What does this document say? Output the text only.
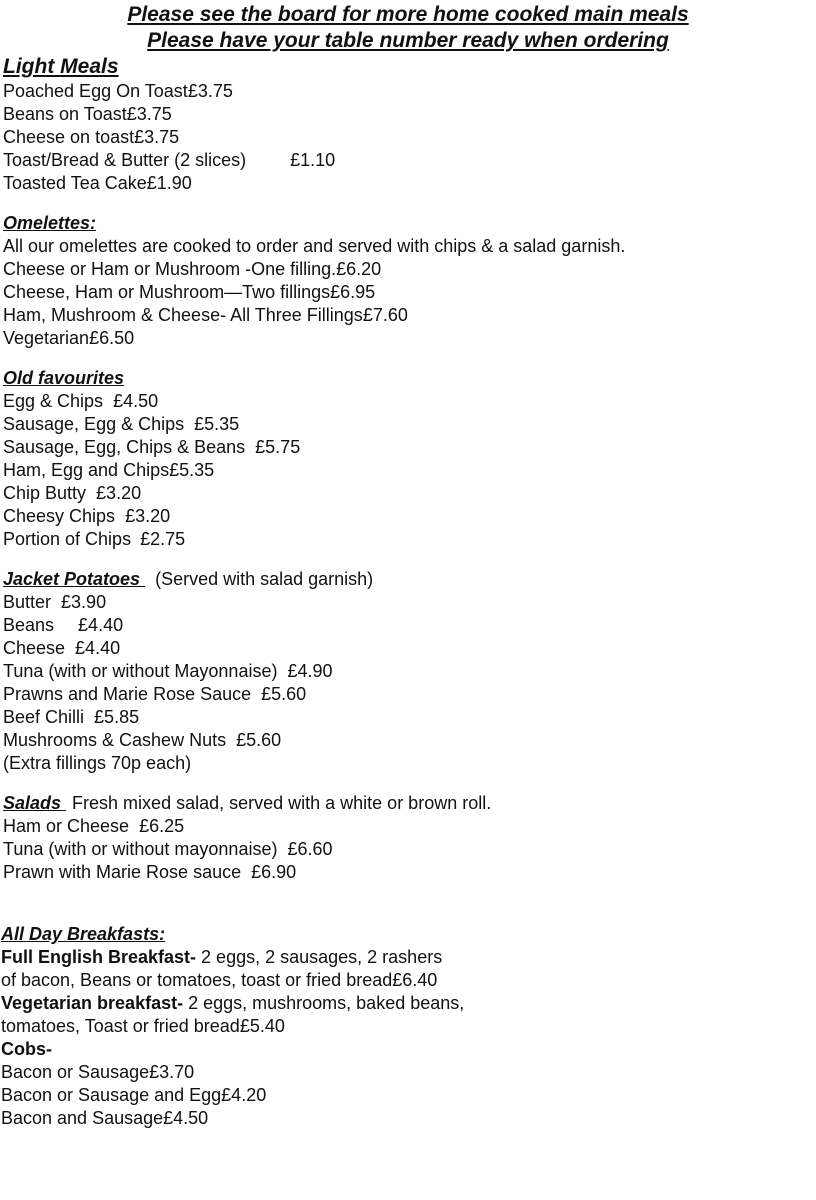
Please see the board for more home cooked main meals
Please have your table number ready when ordering
Light Meals
Poached Egg On Toast£3.75
Beans on Toast£3.75
Cheese on toast£3.75
Toast/Bread & Butter (2 slices) £1.10
Toasted Tea Cake£1.90
Omelettes:
All our omelettes are cooked to order and served with chips & a salad garnish.
Cheese or Ham or Mushroom -One filling.£6.20
Cheese, Ham or Mushroom—Two fillings£6.95
Ham, Mushroom & Cheese- All Three Fillings£7.60
Vegetarian£6.50
Old favourites
Egg & Chips £4.50
Sausage, Egg & Chips £5.35
Sausage, Egg, Chips & Beans £5.75
Ham, Egg and Chips£5.35
Chip Butty £3.20
Cheesy Chips £3.20
Portion of Chips £2.75
Jacket Potatoes (Served with salad garnish)
Butter £3.90
Beans £4.40
Cheese £4.40
Tuna (with or without Mayonnaise) £4.90
Prawns and Marie Rose Sauce £5.60
Beef Chilli £5.85
Mushrooms & Cashew Nuts £5.60
(Extra fillings 70p each)
Salads Fresh mixed salad, served with a white or brown roll.
Ham or Cheese £6.25
Tuna (with or without mayonnaise) £6.60
Prawn with Marie Rose sauce £6.90
All Day Breakfasts:
Full English Breakfast- 2 eggs, 2 sausages, 2 rashers
of bacon, Beans or tomatoes, toast or fried bread£6.40
Vegetarian breakfast- 2 eggs, mushrooms, baked beans,
tomatoes, Toast or fried bread£5.40
Cobs-
Bacon or Sausage£3.70
Bacon or Sausage and Egg£4.20
Bacon and Sausage£4.50
